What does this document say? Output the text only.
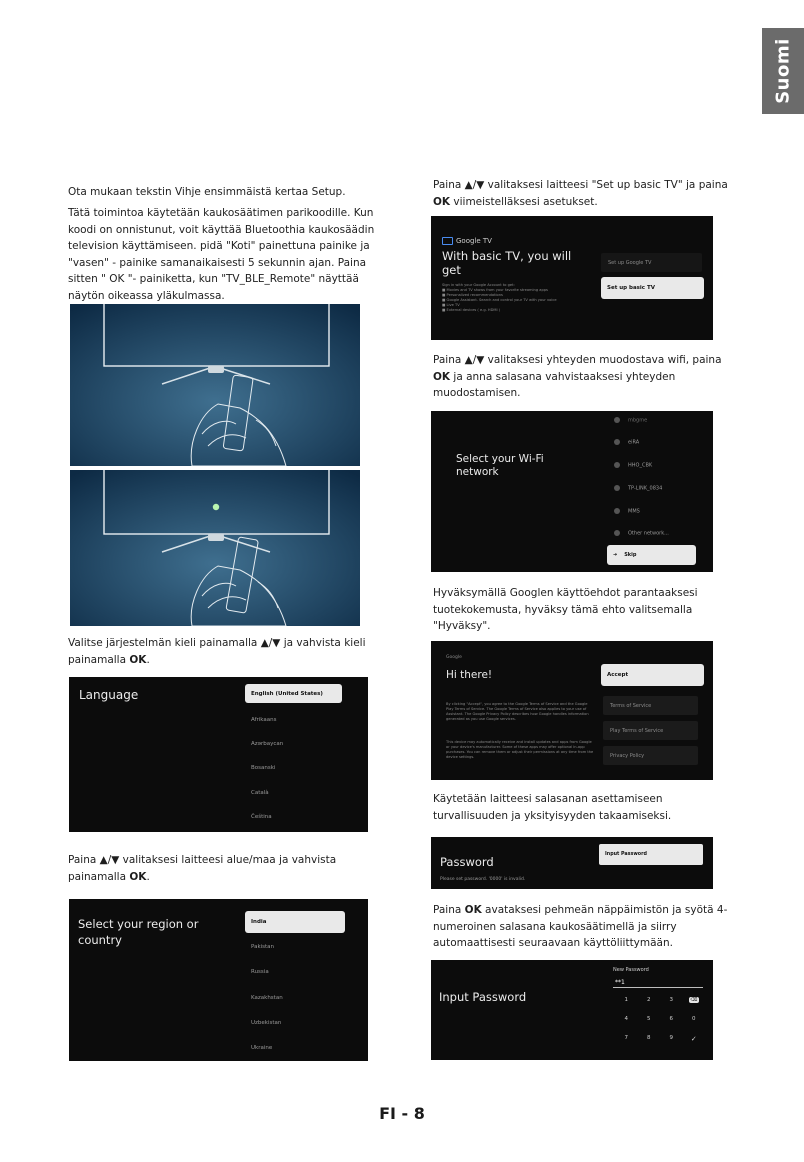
Suomi
Ota mukaan tekstin Vihje ensimmäistä kertaa Setup.
Tätä toimintoa käytetään kaukosäätimen parikoodille. Kun koodi on onnistunut, voit käyttää Bluetoothia kaukosäädin television käyttämiseen. pidä "Koti" painettuna painike ja "vasen" - painike samanaikaisesti 5 sekunnin ajan. Paina sitten " OK "- painiketta, kun "TV_BLE_Remote" näyttää näytön oikeassa yläkulmassa.
Valitse järjestelmän kieli painamalla ▲/▼ ja vahvista kieli painamalla OK.
Language	English (United States)
Afrikaans
Azərbaycan
Bosanski
Català
Čeština
Paina ▲/▼ valitaksesi laitteesi alue/maa ja vahvista painamalla OK.
Select your region or country
India
Pakistan
Russia
Kazakhstan
Uzbekistan
Ukraine
Paina ▲/▼ valitaksesi laitteesi "Set up basic TV" ja paina OK viimeistelläksesi asetukset.
Google TV
With basic TV, you will get
Set up Google TV
Set up basic TV
Sign in with your Google Account to get:
■ Movies and TV shows from your favorite streaming apps
■ Personalized recommendations
■ Google Assistant. Search and control your TV with your voice
■ Live TV
■ External devices ( e.g. HDMI )
Paina ▲/▼ valitaksesi yhteyden muodostava wifi, paina OK ja anna salasana vahvistaaksesi yhteyden muodostamisen.
Select your Wi-Fi network
mbgme
eiRA
HHO_CBK
TP-LINK_0834
MMS
Other network...
➜ Skip
Hyväksymällä Googlen käyttöehdot parantaaksesi tuotekokemusta, hyväksy tämä ehto valitsemalla "Hyväksy".
Google
Hi there!
By clicking "Accept", you agree to the Google Terms of Service and the Google Play Terms of Service. The Google Terms of Service also applies to your use of Assistant. The Google Privacy Policy describes how Google handles information generated as you use Google services.
This device may automatically receive and install updates and apps from Google or your device's manufacturer. Some of these apps may offer optional in-app purchases. You can remove them or adjust their permissions at any time from the device settings.
Accept
Terms of Service
Play Terms of Service
Privacy Policy
Käytetään laitteesi salasanan asettamiseen turvallisuuden ja yksityisyyden takaamiseksi.
Password
Please set password. '0000' is invalid.
Input Password
Paina OK avataksesi pehmeän näppäimistön ja syötä 4-numeroinen salasana kaukosäätimellä ja siirry automaattisesti seuraavaan käyttöliittymään.
Input Password
New Password
**1
1	2	3	⌫
4	5	6	0
7	8	9	✓
FI - 8
